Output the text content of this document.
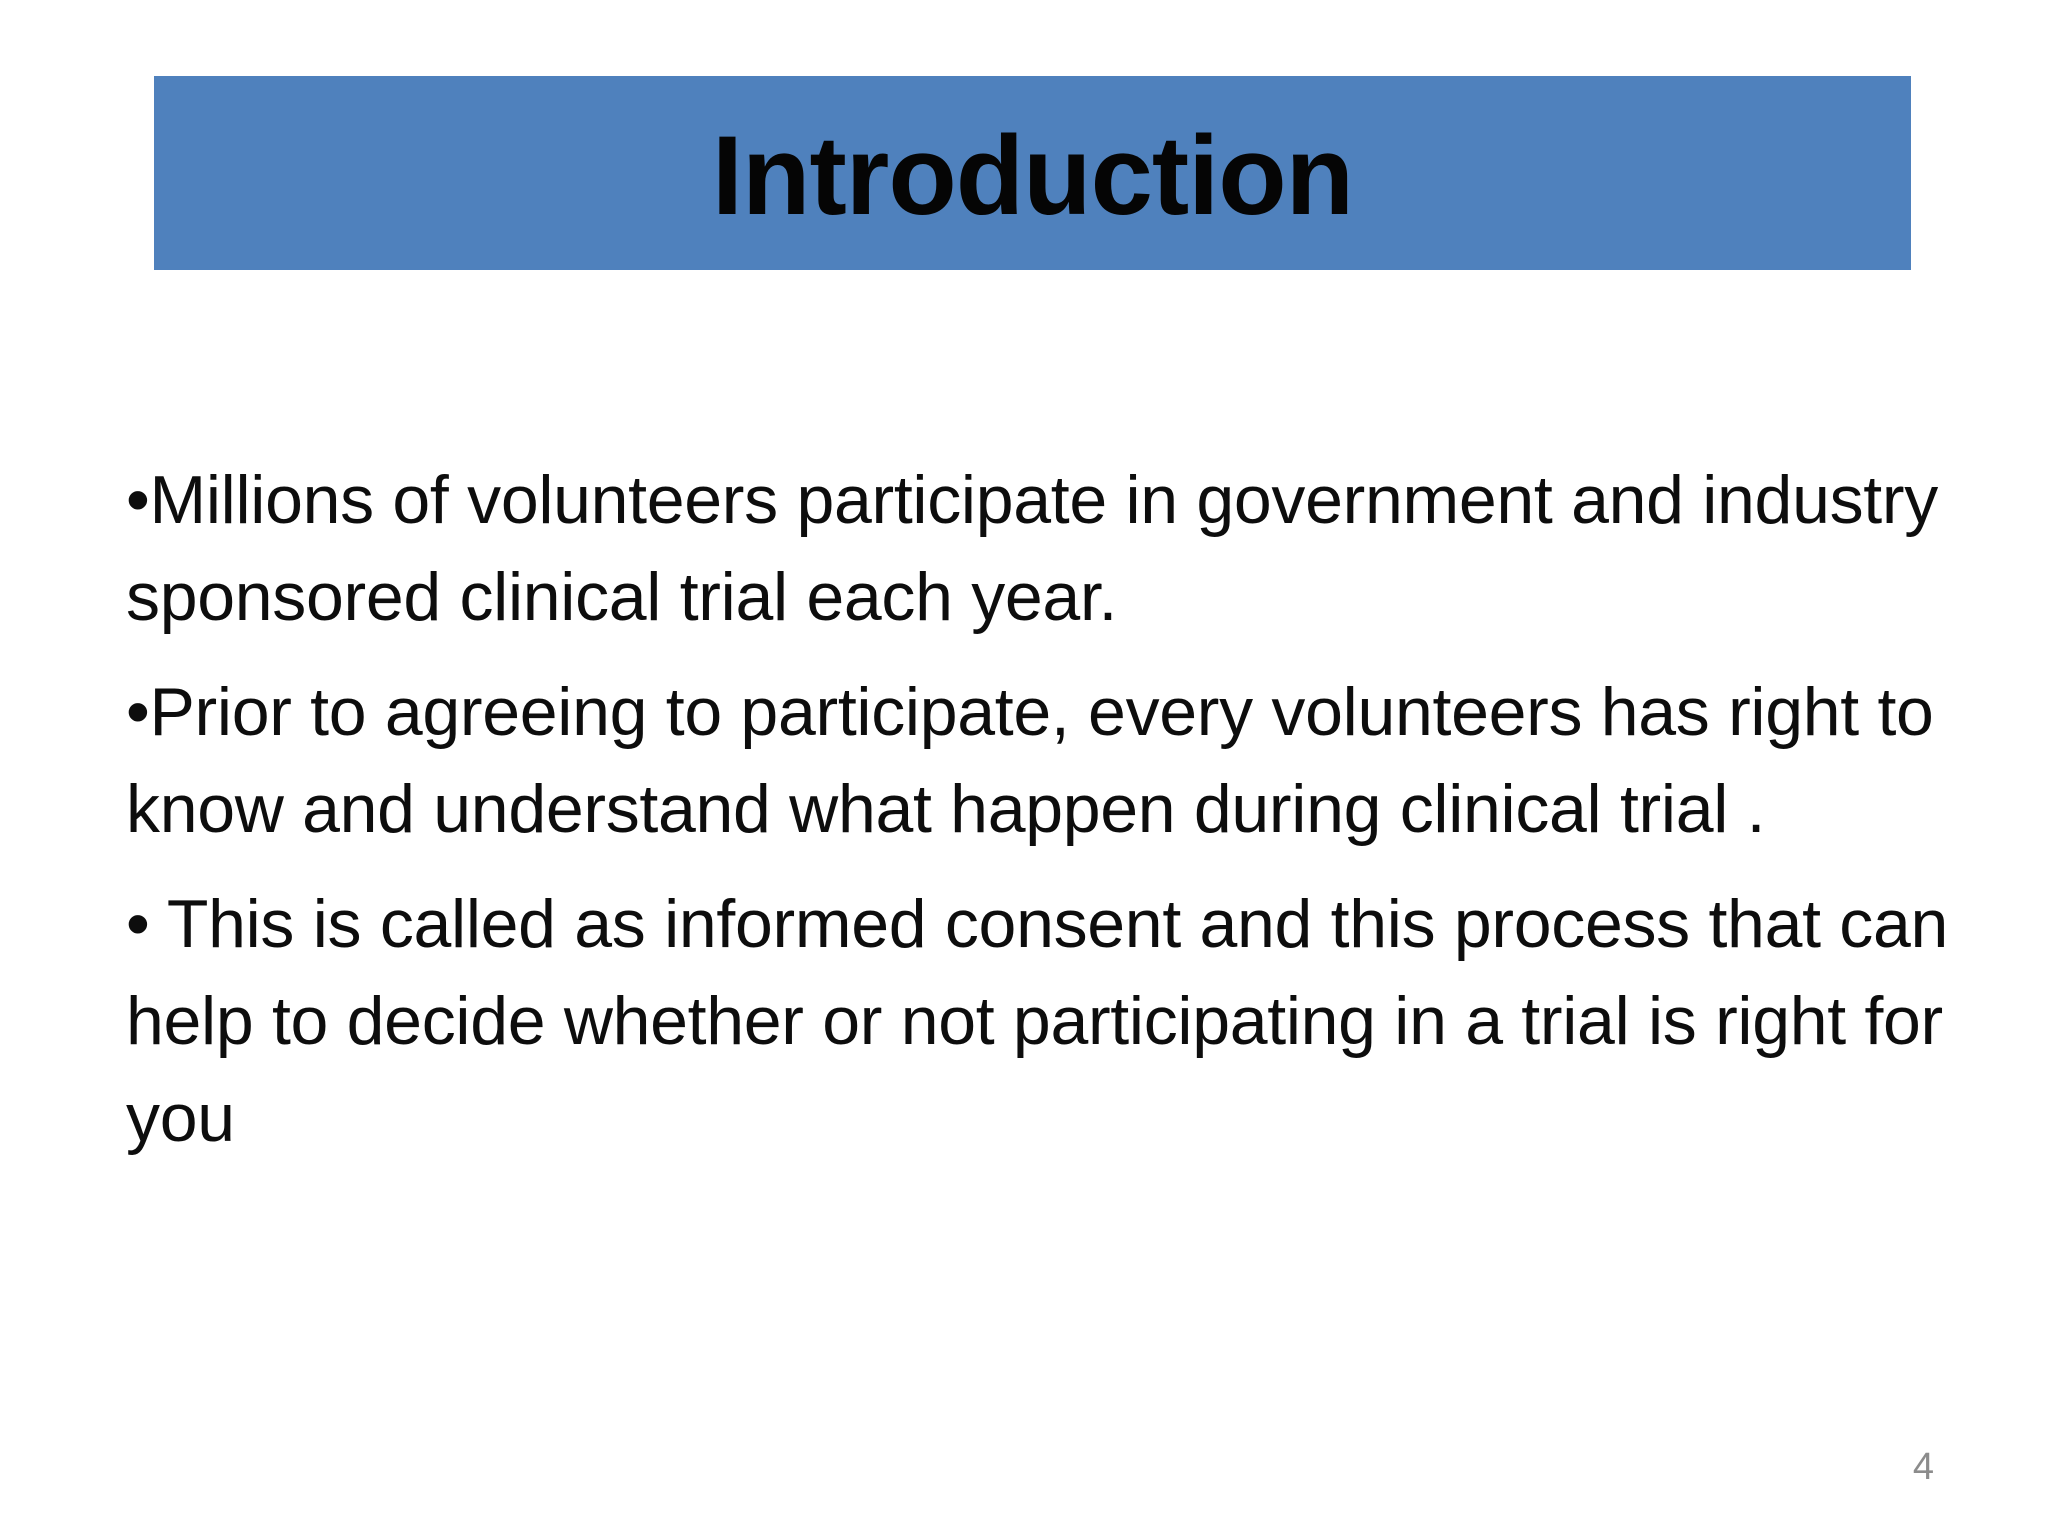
Introduction

•Millions of volunteers participate in government and industry sponsored clinical trial each year.

•Prior to agreeing to participate, every volunteers has right to know and understand what happen during clinical trial .

• This is called as informed consent and this process that can help to decide whether or not participating in a trial is right for you

4
